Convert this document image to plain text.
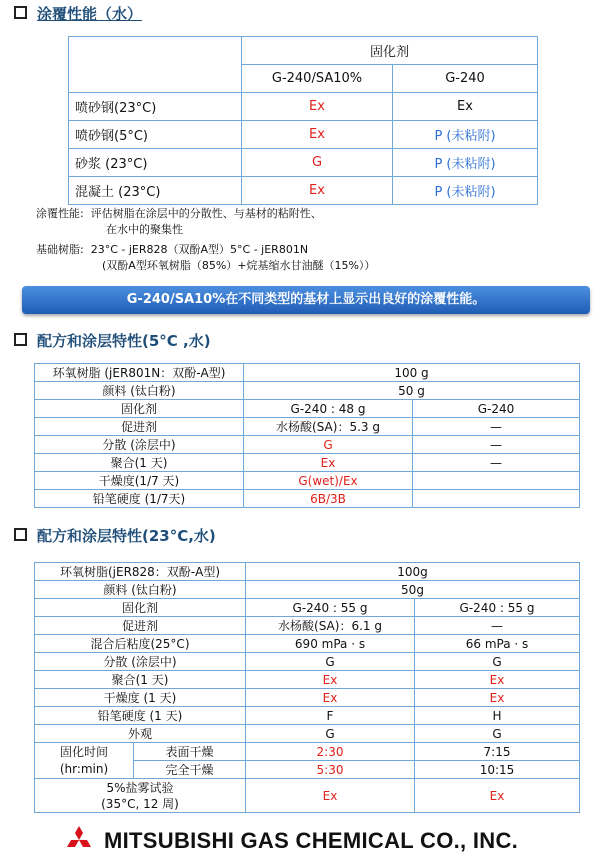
涂覆性能（水）
	固化剂	
	G-240/SA10%	G-240
喷砂钢(23°C)	Ex	Ex
喷砂钢(5°C)	Ex	P (未粘附)
砂浆 (23°C)	G	P (未粘附)
混凝土 (23°C)	Ex	P (未粘附)
涂覆性能: 评估树脂在涂层中的分散性、与基材的粘附性、
在水中的聚集性
基础树脂: 23°C - jER828（双酚A型）5°C - jER801N
(双酚A型环氧树脂（85%）+烷基缩水甘油醚（15%））
G-240/SA10%在不同类型的基材上显示出良好的涂覆性能。
配方和涂层特性(5°C ,水)
环氧树脂 (jER801N：双酚-A型)	100 g	
颜料 (钛白粉)	50 g	
固化剂	G-240 : 48 g	G-240
促进剂	水杨酸(SA)：5.3 g	—
分散 (涂层中)	G	—
聚合(1 天)	Ex	—
干燥度(1/7 天)	G(wet)/Ex	
铅笔硬度 (1/7天)	6B/3B	
配方和涂层特性(23°C,水)
环氧树脂(jER828：双酚-A型)		100g	
颜料 (钛白粉)		50g	
固化剂		G-240 : 55 g	G-240 : 55 g
促进剂		水杨酸(SA)：6.1 g	—
混合后粘度(25°C)		690 mPa · s	66 mPa · s
分散 (涂层中)		G	G
聚合(1 天)		Ex	Ex
干燥度 (1 天)		Ex	Ex
铅笔硬度 (1 天)		F	H
外观		G	G

固化时间
(hr:min)	表面干燥	2:30	7:15
	完全干燥	5:30	10:15

5%盐雾试验
(35°C, 12 周)		Ex	Ex
MITSUBISHI GAS CHEMICAL CO., INC.
